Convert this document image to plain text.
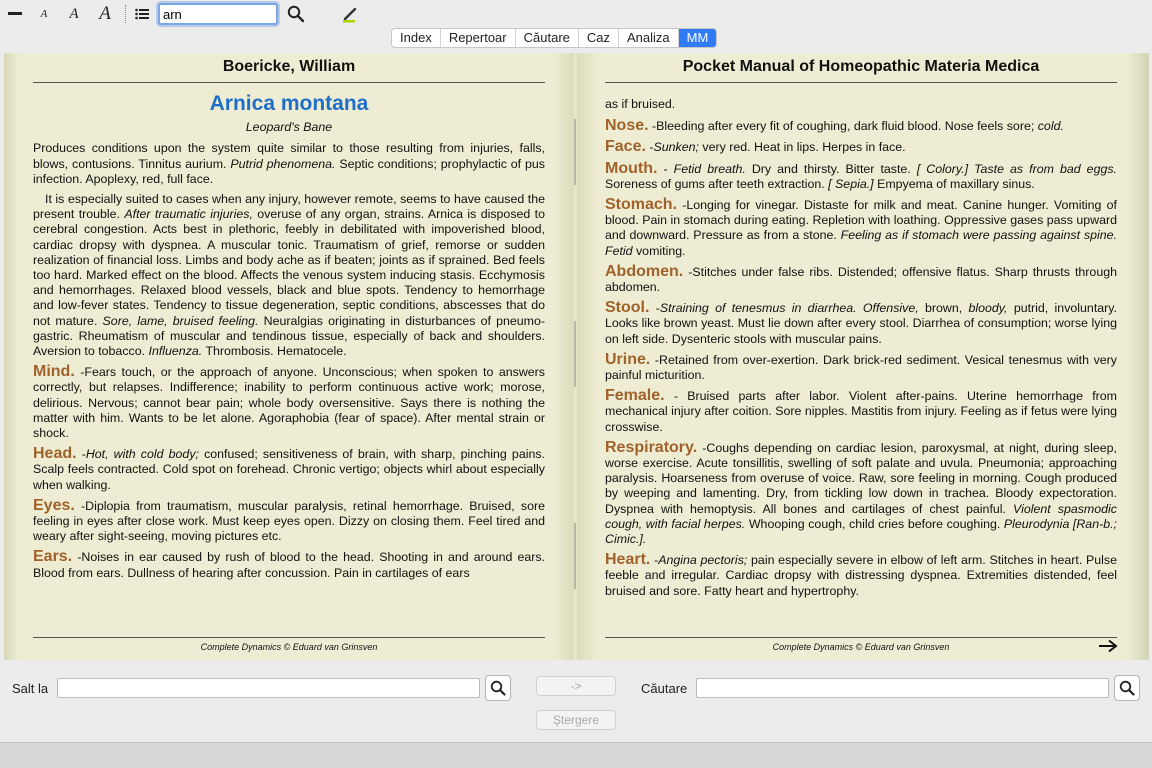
A	A A
arn
Index	Repertoar	Căutare	Caz	Analiza	MM
Boericke, William
Arnica montana
Leopard's Bane

Produces conditions upon the system quite similar to those resulting from injuries, falls, blows, contusions. Tinnitus aurium. Putrid phenomena. Septic conditions; prophylactic of pus infection. Apoplexy, red, full face.

It is especially suited to cases when any injury, however remote, seems to have caused the present trouble. After traumatic injuries, overuse of any organ, strains. Arnica is disposed to cerebral congestion. Acts best in plethoric, feebly in debilitated with impoverished blood, cardiac dropsy with dyspnea. A muscular tonic. Traumatism of grief, remorse or sudden realization of financial loss. Limbs and body ache as if beaten; joints as if sprained. Bed feels too hard. Marked effect on the blood. Affects the venous system inducing stasis. Ecchymosis and hemorrhages. Relaxed blood vessels, black and blue spots. Tendency to hemorrhage and low-fever states. Tendency to tissue degeneration, septic conditions, abscesses that do not mature. Sore, lame, bruised feeling. Neuralgias originating in disturbances of pneumo-gastric. Rheumatism of muscular and tendinous tissue, especially of back and shoulders. Aversion to tobacco. Influenza. Thrombosis. Hematocele.

Mind. -Fears touch, or the approach of anyone. Unconscious; when spoken to answers correctly, but relapses. Indifference; inability to perform continuous active work; morose, delirious. Nervous; cannot bear pain; whole body oversensitive. Says there is nothing the matter with him. Wants to be let alone. Agoraphobia (fear of space). After mental strain or shock.

Head. -Hot, with cold body; confused; sensitiveness of brain, with sharp, pinching pains. Scalp feels contracted. Cold spot on forehead. Chronic vertigo; objects whirl about especially when walking.

Eyes. -Diplopia from traumatism, muscular paralysis, retinal hemorrhage. Bruised, sore feeling in eyes after close work. Must keep eyes open. Dizzy on closing them. Feel tired and weary after sight-seeing, moving pictures etc.

Ears. -Noises in ear caused by rush of blood to the head. Shooting in and around ears. Blood from ears. Dullness of hearing after concussion. Pain in cartilages of ears

Complete Dynamics © Eduard van Grinsven
Pocket Manual of Homeopathic Materia Medica

as if bruised.

Nose. -Bleeding after every fit of coughing, dark fluid blood. Nose feels sore; cold.

Face. -Sunken; very red. Heat in lips. Herpes in face.

Mouth. - Fetid breath. Dry and thirsty. Bitter taste. [ Colory.] Taste as from bad eggs. Soreness of gums after teeth extraction. [ Sepia.] Empyema of maxillary sinus.

Stomach. -Longing for vinegar. Distaste for milk and meat. Canine hunger. Vomiting of blood. Pain in stomach during eating. Repletion with loathing. Oppressive gases pass upward and downward. Pressure as from a stone. Feeling as if stomach were passing against spine. Fetid vomiting.

Abdomen. -Stitches under false ribs. Distended; offensive flatus. Sharp thrusts through abdomen.

Stool. -Straining of tenesmus in diarrhea. Offensive, brown, bloody, putrid, involuntary. Looks like brown yeast. Must lie down after every stool. Diarrhea of consumption; worse lying on left side. Dysenteric stools with muscular pains.

Urine. -Retained from over-exertion. Dark brick-red sediment. Vesical tenesmus with very painful micturition.

Female. - Bruised parts after labor. Violent after-pains. Uterine hemorrhage from mechanical injury after coition. Sore nipples. Mastitis from injury. Feeling as if fetus were lying crosswise.

Respiratory. -Coughs depending on cardiac lesion, paroxysmal, at night, during sleep, worse exercise. Acute tonsillitis, swelling of soft palate and uvula. Pneumonia; approaching paralysis. Hoarseness from overuse of voice. Raw, sore feeling in morning. Cough produced by weeping and lamenting. Dry, from tickling low down in trachea. Bloody expectoration. Dyspnea with hemoptysis. All bones and cartilages of chest painful. Violent spasmodic cough, with facial herpes. Whooping cough, child cries before coughing. Pleurodynia [Ran-b.; Cimic.].

Heart. -Angina pectoris; pain especially severe in elbow of left arm. Stitches in heart. Pulse feeble and irregular. Cardiac dropsy with distressing dyspnea. Extremities distended, feel bruised and sore. Fatty heart and hypertrophy.

Complete Dynamics © Eduard van Grinsven
Salt la	->
Ştergere
Căutare
